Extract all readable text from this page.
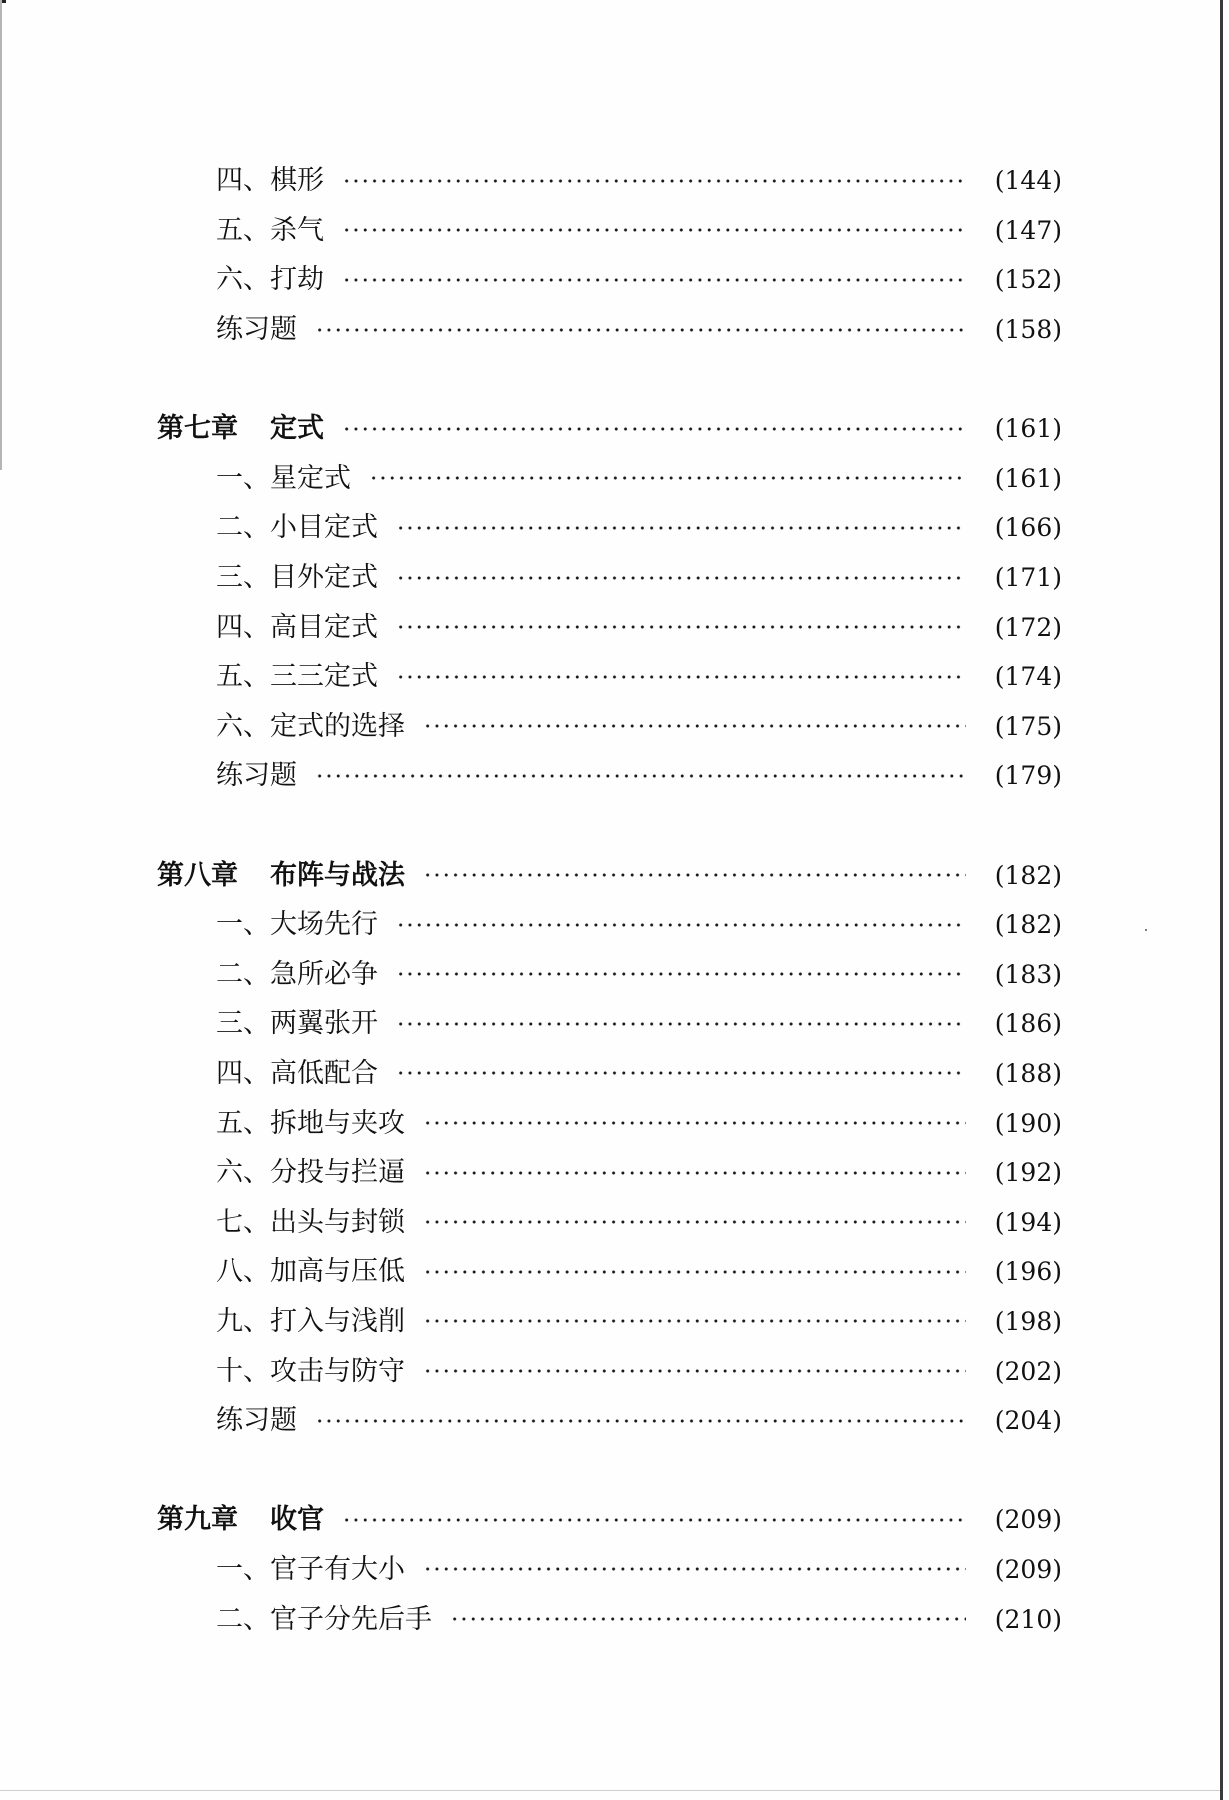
四、棋形	(144)
五、杀气	(147)
六、打劫	(152)
练习题	(158)
第七章 定式	(161)
一、星定式	(161)
二、小目定式	(166)
三、目外定式	(171)
四、高目定式	(172)
五、三三定式	(174)
六、定式的选择	(175)
练习题	(179)
第八章 布阵与战法	(182)
一、大场先行	(182)
二、急所必争	(183)
三、两翼张开	(186)
四、高低配合	(188)
五、拆地与夹攻	(190)
六、分投与拦逼	(192)
七、出头与封锁	(194)
八、加高与压低	(196)
九、打入与浅削	(198)
十、攻击与防守	(202)
练习题	(204)
第九章 收官	(209)
一、官子有大小	(209)
二、官子分先后手	(210)
